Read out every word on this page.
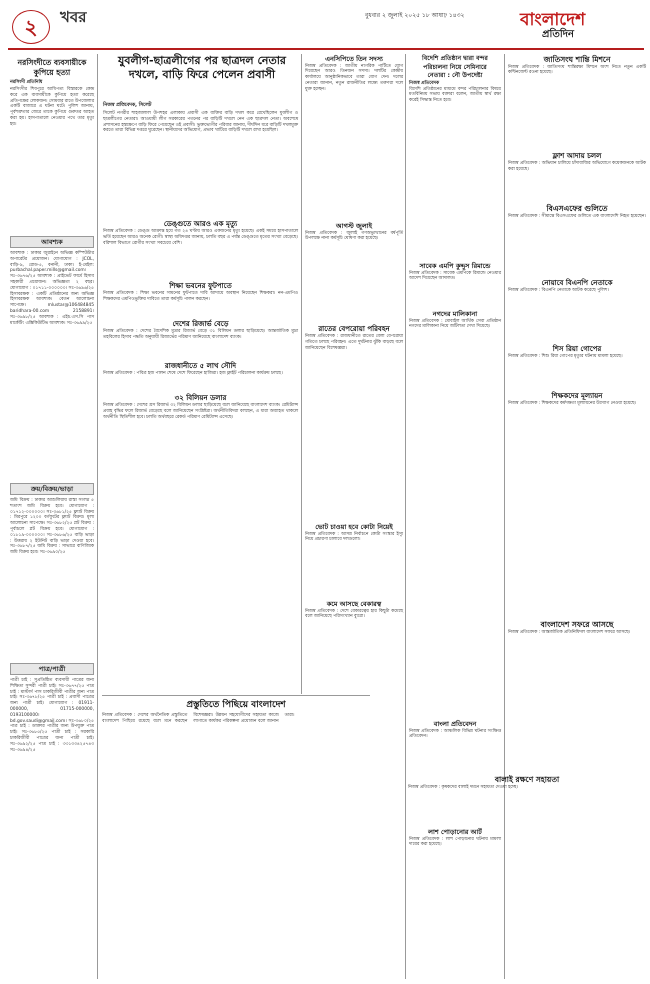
২ খবর	বুধবার ২ জুলাই ২০২৫ ১৮ আষাঢ় ১৪৩২	বাংলাদেশ
প্রতিদিন
নরসিংদীতে ব্যবসায়ীকে কুপিয়ে হত্যা
নরসিংদী প্রতিনিধি
নরসিংদীর শিবপুরে আধিপত্য বিস্তারকে কেন্দ্র করে এক ব্যবসায়ীকে কুপিয়ে হত্যা করেছে প্রতিপক্ষের লোকজন। সোমবার রাতে উপজেলার একটি বাজারে এ ঘটনা ঘটে। পুলিশ জানায়, পূর্বশত্রুতার জেরে তাকে কুপিয়ে গুরুতর আহত করা হয়। হাসপাতালে নেওয়ার পথে তার মৃত্যু হয়।
আবশ্যক
আবশ্যক : ঢাকার জুরাইনে অভিজ্ঞ কম্পিউটার অপারেটর প্রয়োজন। যোগাযোগ : JCOL, বাড়ি-৯, রোড-৫, বনানী, ঢাকা। ই-মেইল: purbachal.paper.mills@gmail.com। সঃ-৩৬৭৬/২৫ আবশ্যক : প্রাইভেট ফার্মে হিসাব সহকারী প্রয়োজন। অভিজ্ঞতা ২ বছর। যোগাযোগ : ০১৭১১-০০০০০০। সঃ-৩৬৯৬/২৫ হিসাবরক্ষক : একটি প্রতিষ্ঠানের জন্য অভিজ্ঞ হিসাবরক্ষক আবশ্যক। বেতন আলোচনা সাপেক্ষে। mlustar@106484845 baridhara-00.com 2158891। সঃ-৩৬৯৮/২৫ আবশ্যক : এইচ.এস.সি পাস মার্কেটিং এক্সিকিউটিভ আবশ্যক। সঃ-৩৬৯৯/২৫
ক্রয়/বিক্রয়/ভাড়া
জমি বিক্রয় : ঢাকার আশুলিয়ায় রাস্তা সংলগ্ন ৫ শতাংশ জমি বিক্রয় হবে। যোগাযোগ : ০১৭১২-০০০০০০। সঃ-৩৬৮১/২৫ ফ্ল্যাট বিক্রয় : মিরপুরে ১২০০ বর্গফুটের ফ্ল্যাট বিক্রয়। মূল্য আলোচনা সাপেক্ষে। সঃ-৩৬৮২/২৫ প্লট বিক্রয় : পূর্বাচলে প্লট বিক্রয় হবে। যোগাযোগ : ০১৮১৯-০০০০০০। সঃ-৩৬৮৬/২৫ বাড়ি ভাড়া : উত্তরায় ২ ইউনিট বাড়ি ভাড়া দেওয়া হবে। সঃ-৩৬৮৭/২৫ জমি বিক্রয় : সাভারে বাণিজ্যিক জমি বিক্রয় হবে। সঃ-৩৬৯০/২৫
পাত্র/পাত্রী
পাত্রী চাই : সুপ্রতিষ্ঠিত ব্যবসায়ী পাত্রের জন্য শিক্ষিতা সুন্দরী পাত্রী চাই। সঃ-৩৬৭৭/২৫ পাত্র চাই : মাস্টার্স পাস চাকরিজীবী পাত্রীর জন্য পাত্র চাই। সঃ-৩৬৭৮/২৫ পাত্রী চাই : প্রবাসী পাত্রের জন্য পাত্রী চাই। যোগাযোগ : 01911-000000, 01715-000000, 0193100000। bd.gov.saudi@gmail.com। সঃ-৩৬৮০/২৫ পাত্র চাই : ডাক্তার পাত্রীর জন্য উপযুক্ত পাত্র চাই। সঃ-৩৬৮৫/২৫ পাত্রী চাই : সরকারি চাকরিজীবী পাত্রের জন্য পাত্রী চাই। সঃ-৩৬৯২/২৫ পাত্র চাই : ৩৩১৩৩৪২৫৭৪৩ সঃ-৩৬৯৪/২৫
যুবলীগ-ছাত্রলীগের পর ছাত্রদল নেতার
দখলে, বাড়ি ফিরে পেলেন প্রবাসী
নিজস্ব প্রতিবেদক, সিলেট
সিলেট নগরীর শাহজালাল উপশহর এলাকায় প্রবাসী এক ব্যক্তির বাড়ি দখল করে রেখেছিলেন যুবলীগ ও ছাত্রলীগের নেতারা। আওয়ামী লীগ সরকারের পতনের পর বাড়িটি দখলে নেন এক ছাত্রদল নেতা। অবশেষে প্রশাসনের হস্তক্ষেপে বাড়ি ফিরে পেয়েছেন ওই প্রবাসী। ভুক্তভোগীর পরিবার জানায়, দীর্ঘদিন ধরে বাড়িটি দখলমুক্ত করতে তারা বিভিন্ন দপ্তরে ঘুরেছেন। স্থানীয়দের অভিযোগ, প্রভাব খাটিয়ে বাড়িটি দখলে রাখা হয়েছিল।
ডেঙ্গুতে আরও এক মৃত্যু
নিজস্ব প্রতিবেদক : ডেঙ্গু আক্রান্ত হয়ে গত ২৪ ঘণ্টায় আরও একজনের মৃত্যু হয়েছে। একই সময়ে হাসপাতালে ভর্তি হয়েছেন আরও অনেক রোগী। স্বাস্থ্য অধিদপ্তর জানায়, চলতি বছর এ পর্যন্ত ডেঙ্গুতে মৃতের সংখ্যা বেড়েছে। বরিশাল বিভাগে রোগীর সংখ্যা সবচেয়ে বেশি।
শিক্ষা ভবনের ফুটপাতে
নিজস্ব প্রতিবেদক : শিক্ষা ভবনের সামনের ফুটপাতে দাবি আদায়ে অবস্থান নিয়েছেন শিক্ষকরা। নন-এমপিও শিক্ষকদের এমপিওভুক্তির দাবিতে তারা কর্মসূচি পালন করছেন।
দেশের রিজার্ভ বেড়ে
নিজস্ব প্রতিবেদক : দেশের বৈদেশিক মুদ্রার রিজার্ভ বেড়ে ৩১ বিলিয়ন ডলার ছাড়িয়েছে। আন্তর্জাতিক মুদ্রা তহবিলের হিসাব পদ্ধতি অনুযায়ী রিজার্ভের পরিমাণ জানিয়েছে বাংলাদেশ ব্যাংক।
রাজধানীতে ৫ লাখ সৌদি
নিজস্ব প্রতিবেদক : পবিত্র হজ পালন শেষে দেশে ফিরেছেন হাজিরা। হজ ফ্লাইট পরিচালনা কার্যক্রম চলছে।
৩২ বিলিয়ন ডলার
নিজস্ব প্রতিবেদক : দেশের গ্রস রিজার্ভ ৩২ বিলিয়ন ডলার ছাড়িয়েছে বলে জানিয়েছে বাংলাদেশ ব্যাংক। রেমিট্যান্স প্রবাহ বৃদ্ধির ফলে রিজার্ভ বেড়েছে বলে জানিয়েছেন সংশ্লিষ্টরা। অর্থনীতিবিদরা বলছেন, এ ধারা অব্যাহত থাকলে অর্থনীতি স্থিতিশীল হবে। চলতি অর্থবছরে রেকর্ড পরিমাণ রেমিট্যান্স এসেছে।
প্রস্তুতিতে পিছিয়ে বাংলাদেশ
নিজস্ব প্রতিবেদক : দেশের অর্থনৈতিক প্রস্তুতিতে বাংলাদেশ পিছিয়ে রয়েছে বলে মনে করছেন বিশেষজ্ঞরা। উন্নয়ন সহযোগীদের সহায়তা কাজে লাগাতে কার্যকর পরিকল্পনা প্রয়োজন বলে জানান তারা।
এনসিপিতে তিন সদস্য
নিজস্ব প্রতিবেদক : জাতীয় নাগরিক পার্টিতে যোগ দিয়েছেন আরও তিনজন সদস্য। দলটির কেন্দ্রীয় কার্যালয়ে আনুষ্ঠানিকভাবে তারা যোগ দেন। দলের নেতারা জানান, নতুন রাজনীতির লক্ষ্যে তরুণরা দলে যুক্ত হচ্ছেন।
আগস্ট জুলাই
নিজস্ব প্রতিবেদক : জুলাই গণঅভ্যুত্থানের বর্ষপূর্তি উপলক্ষে নানা কর্মসূচি ঘোষণা করা হয়েছে।
রাতের বেপরোয়া পরিবহন
নিজস্ব প্রতিবেদক : রাজধানীতে রাতের বেলা বেপরোয়া গতিতে চলছে পরিবহন। এতে দুর্ঘটনার ঝুঁকি বাড়ছে বলে জানিয়েছেন বিশেষজ্ঞরা।
ভোট চাওয়া হবে কোটা নিয়েই
নিজস্ব প্রতিবেদক : আসন্ন নির্বাচনে কোটা সংস্কার ইস্যু নিয়ে প্রচারণা চালাবে দলগুলো।
কমে আসছে বেকারত্ব
নিজস্ব প্রতিবেদক : দেশে বেকারত্বের হার কিছুটা কমেছে বলে জানিয়েছে পরিসংখ্যান ব্যুরো।
বিদেশি প্রতিষ্ঠান দ্বারা বন্দর পরিচালনা নিয়ে সেমিনারে
নেতারা : নৌ উপদেষ্টা
নিজস্ব প্রতিবেদক
বিদেশি প্রতিষ্ঠানের মাধ্যমে বন্দর পরিচালনার বিষয়ে মতবিনিময় সভায় বক্তারা বলেন, জাতীয় স্বার্থ রক্ষা করেই সিদ্ধান্ত নিতে হবে।
সাবেক এমপি কুদ্দুস রিমান্ডে
নিজস্ব প্রতিবেদক : সাবেক এমপিকে রিমান্ডে নেওয়ার আদেশ দিয়েছেন আদালত।
নগদের মালিকানা
নিজস্ব প্রতিবেদক : মোবাইল আর্থিক সেবা প্রতিষ্ঠান নগদের মালিকানা নিয়ে জটিলতা দেখা দিয়েছে।
বাংলা প্রতিবেদন
নিজস্ব প্রতিবেদক : আঞ্চলিক বিভিন্ন ঘটনার সংক্ষিপ্ত প্রতিবেদন।
লাশ পোড়ানোর আর্ট
নিজস্ব প্রতিবেদক : লাশ পোড়ানোর ঘটনায় মামলা দায়ের করা হয়েছে।
জাতিসংঘ শান্তি মিশনে
নিজস্ব প্রতিবেদক : জাতিসংঘ শান্তিরক্ষা মিশনে অংশ নিতে নতুন একটি কন্টিনজেন্ট রওনা হয়েছে।
ফ্লাশ আদায় চলল
নিজস্ব প্রতিবেদক : অভিযান চালিয়ে চাঁদাবাজির অভিযোগে কয়েকজনকে আটক করা হয়েছে।
বিএসএফের গুলিতে
নিজস্ব প্রতিবেদক : সীমান্তে বিএসএফের গুলিতে এক বাংলাদেশি নিহত হয়েছেন।
নোয়াবে বিএনপি নেতাকে
নিজস্ব প্রতিবেদক : বিএনপি নেতাকে আটক করেছে পুলিশ।
শিস রিয়া গোপের
নিজস্ব প্রতিবেদক : শিশু রিয়া গোপের মৃত্যুর ঘটনায় মামলা হয়েছে।
শিক্ষকদের মূল্যায়ন
নিজস্ব প্রতিবেদক : শিক্ষকদের কর্মদক্ষতা মূল্যায়নের উদ্যোগ নেওয়া হয়েছে।
বাংলাদেশ সফরে আসছে
নিজস্ব প্রতিবেদক : আন্তর্জাতিক প্রতিনিধিদল বাংলাদেশ সফরে আসছে।
বালাই রক্ষণে সহায়তা
নিজস্ব প্রতিবেদক : কৃষকদের বালাই দমনে সহায়তা দেওয়া হচ্ছে।
